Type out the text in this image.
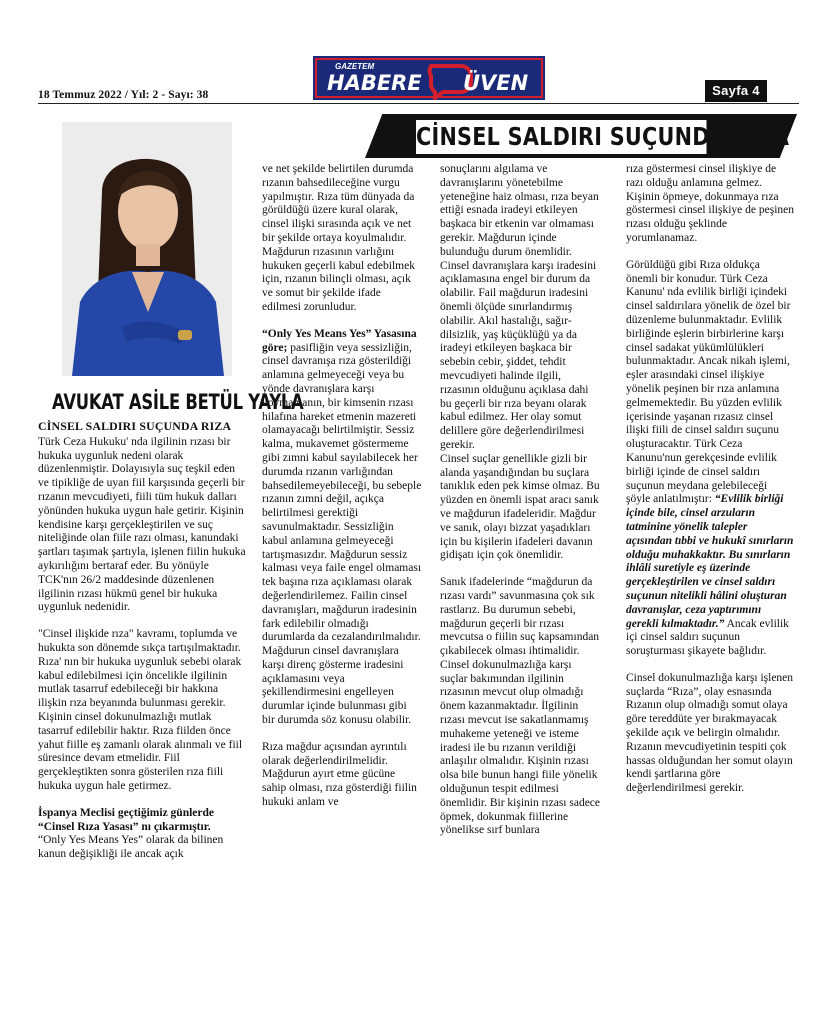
18 Temmuz 2022 / Yıl: 2 - Sayı: 38
GAZETEM
HABERE ÜVEN	Sayfa 4
CİNSEL SALDIRI SUÇUNDA RIZA
AVUKAT ASİLE BETÜL YAYLA
CİNSEL SALDIRI SUÇUNDA RIZA

Türk Ceza Hukuku' nda ilgilinin rızası bir hukuka uygunluk nedeni olarak düzenlenmiştir. Dolayısıyla suç teşkil eden ve tipikliğe de uyan fiil karşısında geçerli bir rızanın mevcudiyeti, fiili tüm hukuk dalları yönünden hukuka uygun hale getirir. Kişinin kendisine karşı gerçekleştirilen ve suç niteliğinde olan fiile razı olması, kanundaki şartları taşımak şartıyla, işlenen fiilin hukuka aykırılığını bertaraf eder. Bu yönüyle TCK'nın 26/2 maddesinde düzenlenen ilgilinin rızası hükmü genel bir hukuka uygunluk nedenidir.

"Cinsel ilişkide rıza" kavramı, toplumda ve hukukta son dönemde sıkça tartışılmaktadır. Rıza' nın bir hukuka uygunluk sebebi olarak kabul edilebilmesi için öncelikle ilgilinin mutlak tasarruf edebileceği bir hakkına ilişkin rıza beyanında bulunması gerekir. Kişinin cinsel dokunulmazlığı mutlak tasarruf edilebilir haktır. Rıza fiilden önce yahut fiille eş zamanlı olarak alınmalı ve fiil süresince devam etmelidir. Fiil gerçekleştikten sonra gösterilen rıza fiili hukuka uygun hale getirmez.

İspanya Meclisi geçtiğimiz günlerde “Cinsel Rıza Yasası” nı çıkarmıştır.
“Only Yes Means Yes” olarak da bilinen kanun değişikliği ile ancak açık

ve net şekilde belirtilen durumda rızanın bahsedileceğine vurgu yapılmıştır. Rıza tüm dünyada da görüldüğü üzere kural olarak, cinsel ilişki sırasında açık ve net bir şekilde ortaya koyulmalıdır. Mağdurun rızasının varlığını hukuken geçerli kabul edebilmek için, rızanın bilinçli olması, açık ve somut bir şekilde ifade edilmesi zorunludur.

“Only Yes Means Yes” Yasasına göre; pasifliğin veya sessizliğin, cinsel davranışa rıza gösterildiği anlamına gelmeyeceği veya bu yönde davranışlara karşı koymamanın, bir kimsenin rızası hilafına hareket etmenin mazereti olamayacağı belirtilmiştir. Sessiz kalma, mukavemet göstermeme gibi zımni kabul sayılabilecek her durumda rızanın varlığından bahsedilemeyebileceği, bu sebeple rızanın zımni değil, açıkça belirtilmesi gerektiği savunulmaktadır. Sessizliğin kabul anlamına gelmeyeceği tartışmasızdır. Mağdurun sessiz kalması veya faile engel olmaması tek başına rıza açıklaması olarak değerlendirilemez. Failin cinsel davranışları, mağdurun iradesinin fark edilebilir olmadığı durumlarda da cezalandırılmalıdır. Mağdurun cinsel davranışlara karşı direnç gösterme iradesini açıklamasını veya şekillendirmesini engelleyen durumlar içinde bulunması gibi bir durumda söz konusu olabilir.

Rıza mağdur açısından ayrıntılı olarak değerlendirilmelidir. Mağdurun ayırt etme gücüne sahip olması, rıza gösterdiği fiilin hukuki anlam ve

sonuçlarını algılama ve davranışlarını yönetebilme yeteneğine haiz olması, rıza beyan ettiği esnada iradeyi etkileyen başkaca bir etkenin var olmaması gerekir. Mağdurun içinde bulunduğu durum önemlidir. Cinsel davranışlara karşı iradesini açıklamasına engel bir durum da olabilir. Fail mağdurun iradesini önemli ölçüde sınırlandırmış olabilir. Akıl hastalığı, sağır-dilsizlik, yaş küçüklüğü ya da iradeyi etkileyen başkaca bir sebebin cebir, şiddet, tehdit mevcudiyeti halinde ilgili, rızasının olduğunu açıklasa dahi bu geçerli bir rıza beyanı olarak kabul edilmez. Her olay somut delillere göre değerlendirilmesi gerekir.

Cinsel suçlar genellikle gizli bir alanda yaşandığından bu suçlara tanıklık eden pek kimse olmaz. Bu yüzden en önemli ispat aracı sanık ve mağdurun ifadeleridir. Mağdur ve sanık, olayı bizzat yaşadıkları için bu kişilerin ifadeleri davanın gidişatı için çok önemlidir.

Sanık ifadelerinde “mağdurun da rızası vardı” savunmasına çok sık rastlarız. Bu durumun sebebi, mağdurun geçerli bir rızası mevcutsa o fiilin suç kapsamından çıkabilecek olması ihtimalidir. Cinsel dokunulmazlığa karşı suçlar bakımından ilgilinin rızasının mevcut olup olmadığı önem kazanmaktadır. İlgilinin rızası mevcut ise sakatlanmamış muhakeme yeteneği ve isteme iradesi ile bu rızanın verildiği anlaşılır olmalıdır. Kişinin rızası olsa bile bunun hangi fiile yönelik olduğunun tespit edilmesi önemlidir. Bir kişinin rızası sadece öpmek, dokunmak fiillerine yönelikse sırf bunlara

rıza göstermesi cinsel ilişkiye de razı olduğu anlamına gelmez. Kişinin öpmeye, dokunmaya rıza göstermesi cinsel ilişkiye de peşinen rızası olduğu şeklinde yorumlanamaz.

Görüldüğü gibi Rıza oldukça önemli bir konudur. Türk Ceza Kanunu' nda evlilik birliği içindeki cinsel saldırılara yönelik de özel bir düzenleme bulunmaktadır. Evlilik birliğinde eşlerin birbirlerine karşı cinsel sadakat yükümlülükleri bulunmaktadır. Ancak nikah işlemi, eşler arasındaki cinsel ilişkiye yönelik peşinen bir rıza anlamına gelmemektedir. Bu yüzden evlilik içerisinde yaşanan rızasız cinsel ilişki fiili de cinsel saldırı suçunu oluşturacaktır. Türk Ceza Kanunu'nun gerekçesinde evlilik birliği içinde de cinsel saldırı suçunun meydana gelebileceği şöyle anlatılmıştır: “Evlilik birliği içinde bile, cinsel arzuların tatminine yönelik talepler açısından tıbbi ve hukukî sınırların olduğu muhakkaktır. Bu sınırların ihlâli suretiyle eş üzerinde gerçekleştirilen ve cinsel saldırı suçunun nitelikli hâlini oluşturan davranışlar, ceza yaptırımını gerekli kılmaktadır.” Ancak evlilik içi cinsel saldırı suçunun soruşturması şikayete bağlıdır.

Cinsel dokunulmazlığa karşı işlenen suçlarda “Rıza”, olay esnasında Rızanın olup olmadığı somut olaya göre tereddüte yer bırakmayacak şekilde açık ve belirgin olmalıdır. Rızanın mevcudiyetinin tespiti çok hassas olduğundan her somut olayın kendi şartlarına göre değerlendirilmesi gerekir.
